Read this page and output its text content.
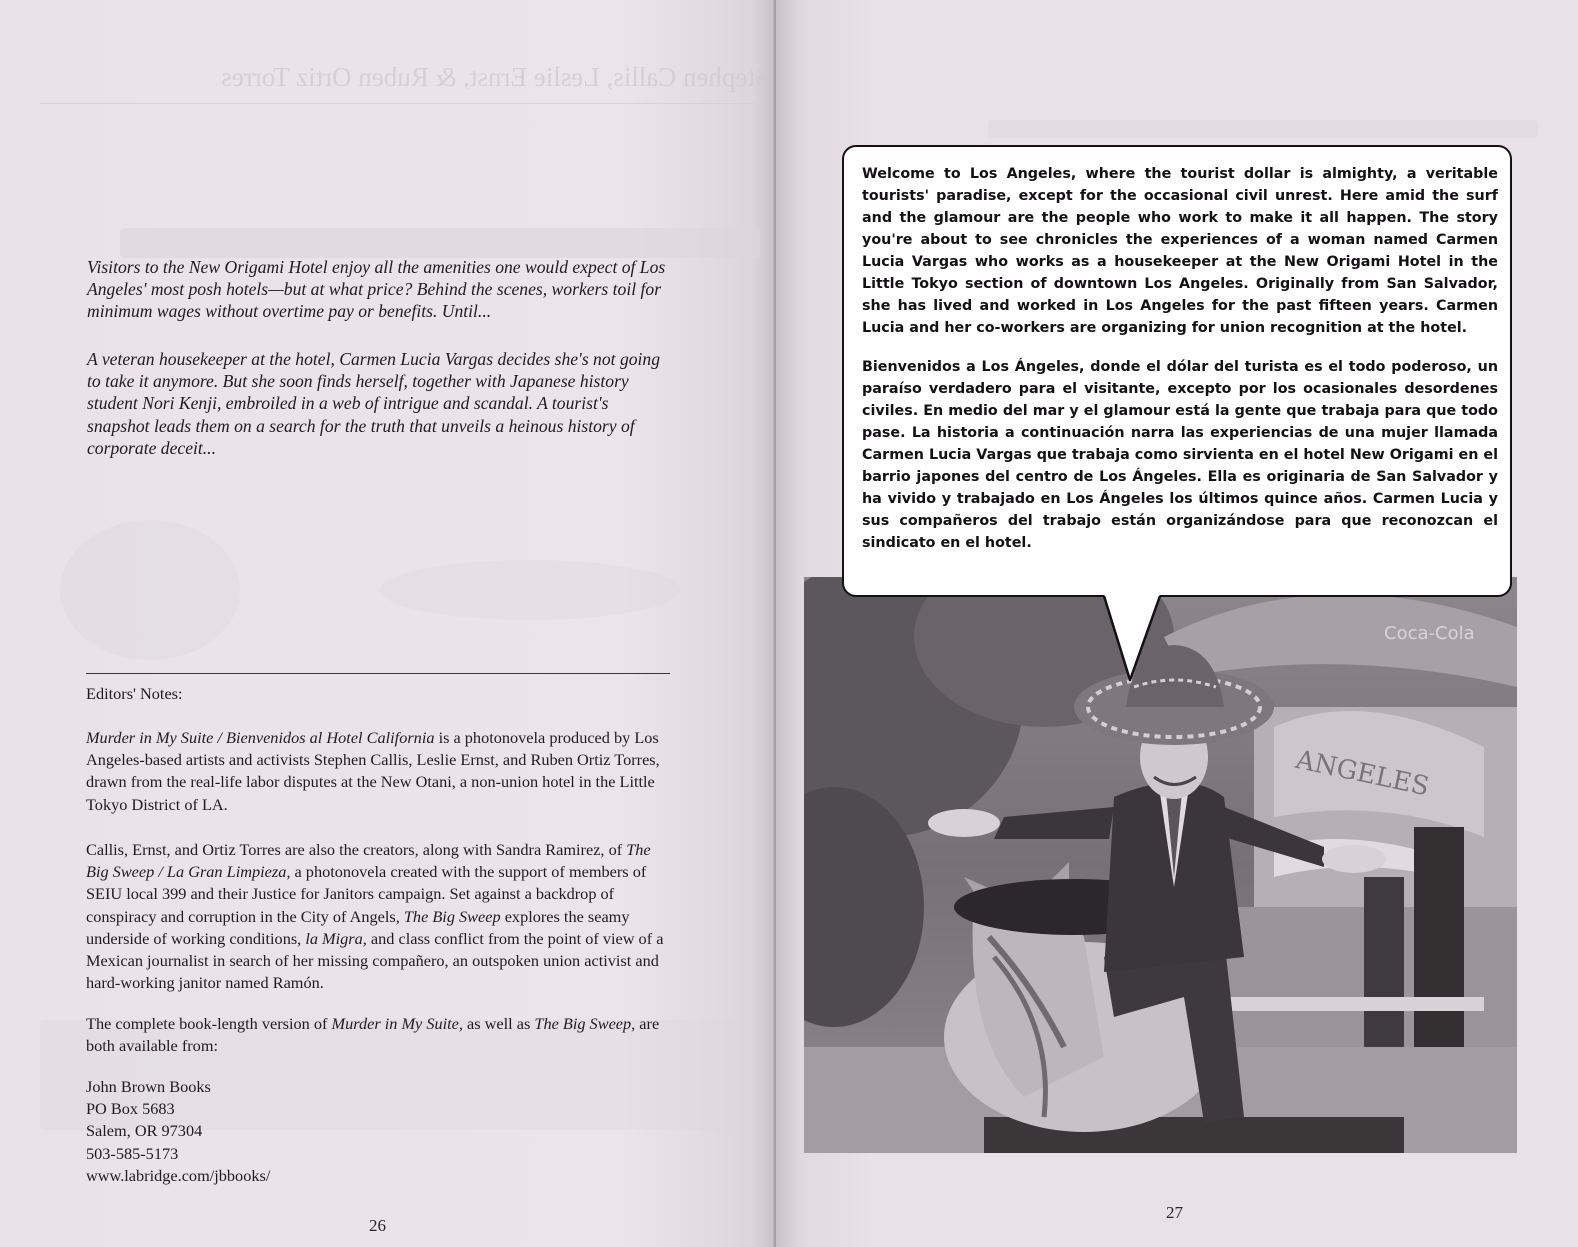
Stephen Callis, Leslie Ernst, & Ruben Ortiz Torres
Visitors to the New Origami Hotel enjoy all the amenities one would expect of Los Angeles' most posh hotels—but at what price? Behind the scenes, workers toil for minimum wages without overtime pay or benefits. Until...
A veteran housekeeper at the hotel, Carmen Lucia Vargas decides she's not going to take it anymore. But she soon finds herself, together with Japanese history student Nori Kenji, embroiled in a web of intrigue and scandal. A tourist's snapshot leads them on a search for the truth that unveils a heinous history of corporate deceit...
Editors' Notes:

Murder in My Suite / Bienvenidos al Hotel California is a photonovela produced by Los Angeles-based artists and activists Stephen Callis, Leslie Ernst, and Ruben Ortiz Torres, drawn from the real-life labor disputes at the New Otani, a non-union hotel in the Little Tokyo District of LA.

Callis, Ernst, and Ortiz Torres are also the creators, along with Sandra Ramirez, of The Big Sweep / La Gran Limpieza, a photonovela created with the support of members of SEIU local 399 and their Justice for Janitors campaign. Set against a backdrop of conspiracy and corruption in the City of Angels, The Big Sweep explores the seamy underside of working conditions, la Migra, and class conflict from the point of view of a Mexican journalist in search of her missing compañero, an outspoken union activist and hard-working janitor named Ramón.

The complete book-length version of Murder in My Suite, as well as The Big Sweep, are both available from:

John Brown Books
PO Box 5683
Salem, OR 97304
503-585-5173
www.labridge.com/jbbooks/
26
27
Coca-Cola
ANGELES

Welcome to Los Angeles, where the tourist dollar is almighty, a veritable tourists' paradise, except for the occasional civil unrest. Here amid the surf and the glamour are the people who work to make it all happen. The story you're about to see chronicles the experiences of a woman named Carmen Lucia Vargas who works as a housekeeper at the New Origami Hotel in the Little Tokyo section of downtown Los Angeles. Originally from San Salvador, she has lived and worked in Los Angeles for the past fifteen years. Carmen Lucia and her co-workers are organizing for union recognition at the hotel.

Bienvenidos a Los Ángeles, donde el dólar del turista es el todo poderoso, un paraíso verdadero para el visitante, excepto por los ocasionales desordenes civiles. En medio del mar y el glamour está la gente que trabaja para que todo pase. La historia a continuación narra las experiencias de una mujer llamada Carmen Lucia Vargas que trabaja como sirvienta en el hotel New Origami en el barrio japones del centro de Los Ángeles. Ella es originaria de San Salvador y ha vivido y trabajado en Los Ángeles los últimos quince años. Carmen Lucia y sus compañeros del trabajo están organizándose para que reconozcan el sindicato en el hotel.
